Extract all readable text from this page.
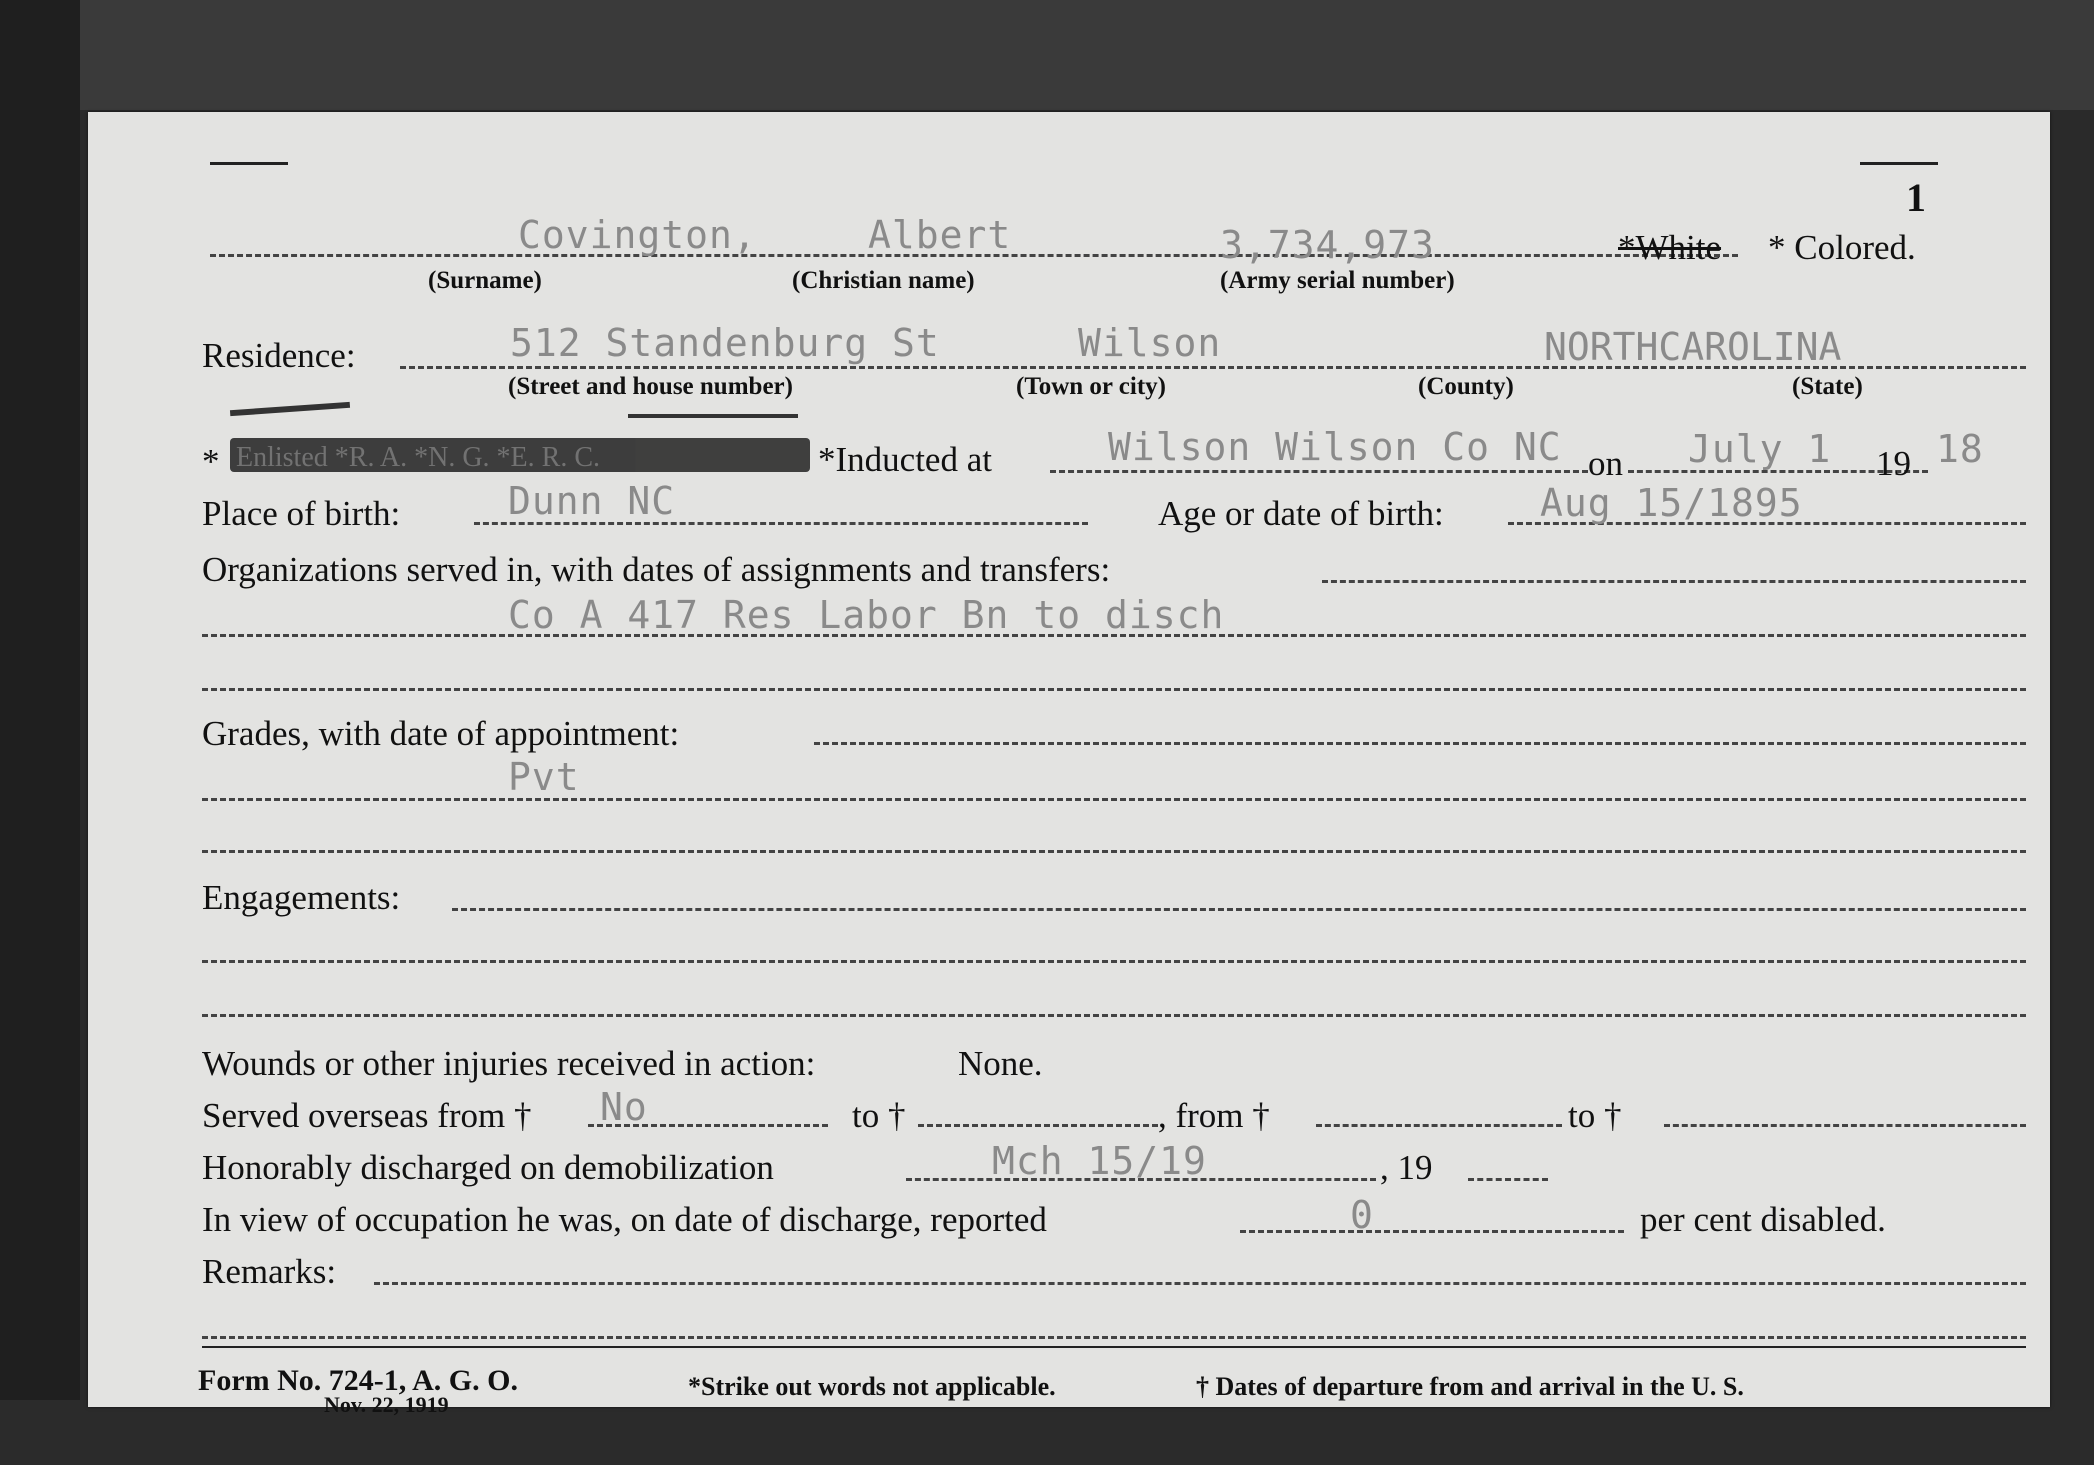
1
Covington,	Albert	3,734,973	*White * Colored.
(Surname)	(Christian name)	(Army serial number)
Residence:	512 Standenburg St	Wilson	NORTHCAROLINA
(Street and house number)	(Town or city)	(County)	(State)
* Enlisted *R. A. *N. G. *E. R. C.	*Inducted at	Wilson Wilson Co NC on July 1 19 18
Place of birth:	Dunn NC	Age or date of birth:	Aug 15/1895
Organizations served in, with dates of assignments and transfers:
Co A 417 Res Labor Bn to disch
Grades, with date of appointment:
Pvt
Engagements:
Wounds or other injuries received in action:	None.
Served overseas from † No	to †	, from †	to †
Honorably discharged on demobilization	Mch 15/19	, 19
In view of occupation he was, on date of discharge, reported	0	per cent disabled.
Remarks:
Form No. 724-1, A. G. O.
Nov. 22, 1919
*Strike out words not applicable.	† Dates of departure from and arrival in the U. S.
